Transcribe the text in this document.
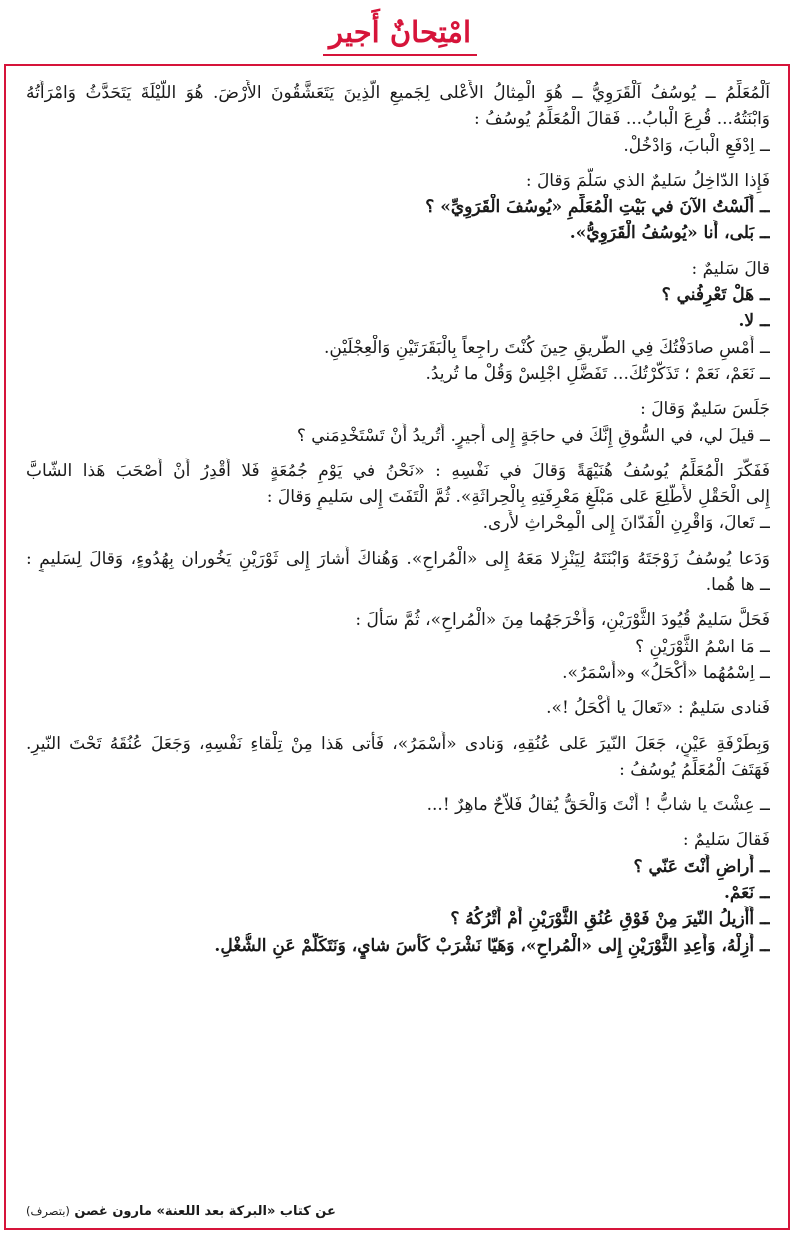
امْتِحانٌ أَجير
اَلْمُعَلِّمُ ــ يُوسُفُ اَلْقَرَوِيُّ ــ هُوَ الْمِثالُ الأَعْلى لِجَميعِ الَّذِينَ يَتَعَشَّقُونَ الأَرْضَ. هُوَ اللَّيْلَةَ يَتَحَدَّثُ وَامْرَأَتُهُ
وَابْنَتُهُ... قُرِعَ الْبابُ... فَقالَ الْمُعَلِّمُ يُوسُفُ :
ــ اِدْفَعِ الْبابَ، وَادْخُلْ.
فَإِذا الدّاخِلُ سَليمٌ الذي سَلَّمَ وَقالَ :
ــ أَلَسْتُ الآنَ في بَيْتِ الْمُعَلِّمِ «يُوسُفَ الْقَرَوِيِّ» ؟
ــ بَلى، أَنا «يُوسُفُ الْقَرَوِيُّ».
قالَ سَليمٌ :
ــ هَلْ تَعْرِفُني ؟
ــ لا.
ــ أَمْسِ صادَفْتُكَ فِي الطَّريقِ حِينَ كُنْتَ راجِعاً بِالْبَقَرَتَيْنِ وَالْعِجْلَيْنِ.
ــ نَعَمْ، نَعَمْ ؛ تَذَكَّرْتُكَ... تَفَضَّلِ اجْلِسْ وَقُلْ ما تُريدُ.
جَلَسَ سَليمٌ وَقالَ :
ــ قيلَ لي، في السُّوقِ إِنَّكَ في حاجَةٍ إِلى أَجيرٍ. أَتُريدُ أَنْ تَسْتَخْدِمَني ؟
فَفَكَّرَ الْمُعَلِّمُ يُوسُفُ هُنَيْهَةً وَقالَ في نَفْسِهِ : «نَحْنُ في يَوْمِ جُمُعَةٍ فَلا أَقْدِرُ أَنْ أَصْحَبَ هَذا الشّابَّ
إِلى الْحَقْلِ لأَطَّلِعَ عَلى مَبْلَغِ مَعْرِفَتِهِ بِالْحِراثَةِ». ثُمَّ الْتَفَتَ إِلى سَليمٍ وَقالَ :
ــ تَعالَ، وَاقْرِنِ الْفَدّانَ إِلى الْمِحْراثِ لأَرى.
وَدَعا يُوسُفُ زَوْجَتَهُ وَابْنَتَهُ لِيَنْزِلا مَعَهُ إِلى «الْمُراحِ». وَهُناكَ أَشارَ إِلى ثَوْرَيْنِ يَخُوران بِهُدُوءٍ، وَقالَ لِسَليمٍ :
ــ ها هُما.
فَحَلَّ سَليمٌ قُيُودَ الثَّوْرَيْنِ، وَأَخْرَجَهُما مِنَ «الْمُراحِ»، ثُمَّ سَأَلَ :
ــ مَا اسْمُ الثَّوْرَيْنِ ؟
ــ اِسْمُهُما «أَكْحَلُ» و«أَسْمَرُ».
فَنادى سَليمٌ : «تَعالَ يا أَكْحَلُ !».
وَبِطَرْفَةِ عَيْنٍ، جَعَلَ النّيرَ عَلى عُنُقِهِ، وَنادى «أَسْمَرُ»، فَأَتى هَذا مِنْ تِلْقاءِ نَفْسِهِ، وَجَعَلَ عُنُقَهُ تَحْتَ النّيرِ.
فَهَتَفَ الْمُعَلِّمُ يُوسُفُ :
ــ عِشْتَ يا شابُّ ! أَنْتَ وَالْحَقُّ يُقالُ فَلاّحٌ ماهِرٌ !...
فَقالَ سَليمٌ :
ــ أَراضٍ أَنْتَ عَنّي ؟
ــ نَعَمْ.
ــ أَأُزيلُ النّيرَ مِنْ فَوْقِ عُنُقِ الثَّوْرَيْنِ أَمْ أَتْرُكُهُ ؟
ــ أَزِلْهُ، وَأَعِدِ الثَّوْرَيْنِ إِلى «الْمُراحِ»، وَهَيّا نَشْرَبْ كَأْسَ شايٍ، وَنَتَكَلَّمْ عَنِ الشُّغْلِ.
عن كتاب «البركة بعد اللعنة» مارون غصن (بتصرف)
